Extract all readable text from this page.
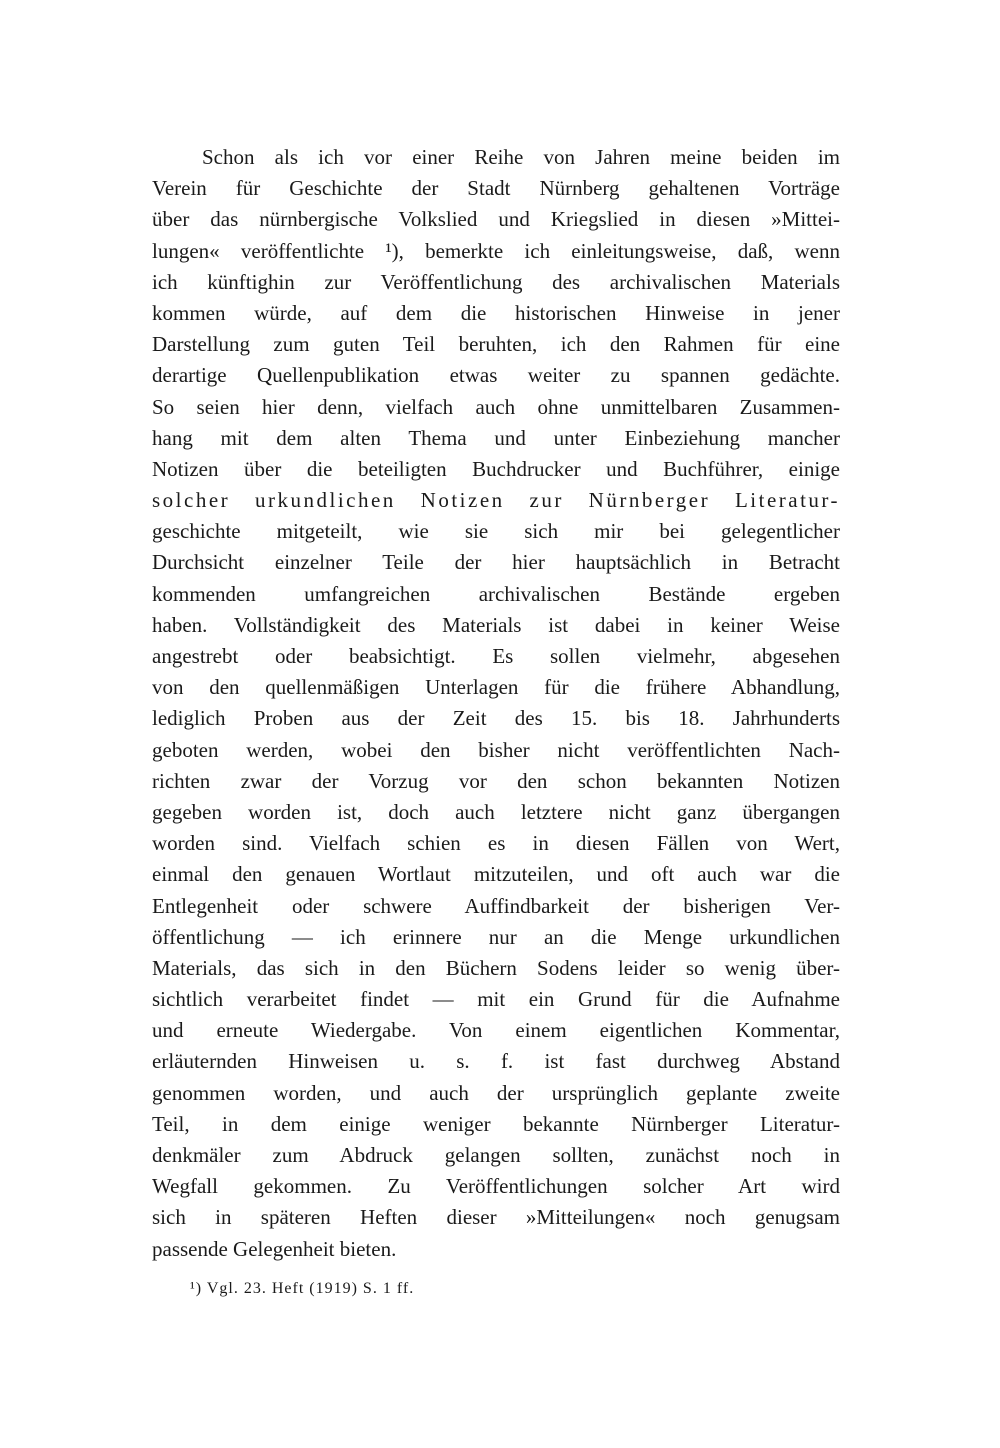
Schon als ich vor einer Reihe von Jahren meine beiden im
Verein für Geschichte der Stadt Nürnberg gehaltenen Vorträge
über das nürnbergische Volkslied und Kriegslied in diesen »Mittei-
lungen« veröffentlichte ¹), bemerkte ich einleitungsweise, daß, wenn
ich künftighin zur Veröffentlichung des archivalischen Materials
kommen würde, auf dem die historischen Hinweise in jener
Darstellung zum guten Teil beruhten, ich den Rahmen für eine
derartige Quellenpublikation etwas weiter zu spannen gedächte.
So seien hier denn, vielfach auch ohne unmittelbaren Zusammen-
hang mit dem alten Thema und unter Einbeziehung mancher
Notizen über die beteiligten Buchdrucker und Buchführer, einige
solcher urkundlichen Notizen zur Nürnberger Literatur-
geschichte mitgeteilt, wie sie sich mir bei gelegentlicher
Durchsicht einzelner Teile der hier hauptsächlich in Betracht
kommenden umfangreichen archivalischen Bestände ergeben
haben. Vollständigkeit des Materials ist dabei in keiner Weise
angestrebt oder beabsichtigt. Es sollen vielmehr, abgesehen
von den quellenmäßigen Unterlagen für die frühere Abhandlung,
lediglich Proben aus der Zeit des 15. bis 18. Jahrhunderts
geboten werden, wobei den bisher nicht veröffentlichten Nach-
richten zwar der Vorzug vor den schon bekannten Notizen
gegeben worden ist, doch auch letztere nicht ganz übergangen
worden sind. Vielfach schien es in diesen Fällen von Wert,
einmal den genauen Wortlaut mitzuteilen, und oft auch war die
Entlegenheit oder schwere Auffindbarkeit der bisherigen Ver-
öffentlichung — ich erinnere nur an die Menge urkundlichen
Materials, das sich in den Büchern Sodens leider so wenig über-
sichtlich verarbeitet findet — mit ein Grund für die Aufnahme
und erneute Wiedergabe. Von einem eigentlichen Kommentar,
erläuternden Hinweisen u. s. f. ist fast durchweg Abstand
genommen worden, und auch der ursprünglich geplante zweite
Teil, in dem einige weniger bekannte Nürnberger Literatur-
denkmäler zum Abdruck gelangen sollten, zunächst noch in
Wegfall gekommen. Zu Veröffentlichungen solcher Art wird
sich in späteren Heften dieser »Mitteilungen« noch genugsam
passende Gelegenheit bieten.
¹) Vgl. 23. Heft (1919) S. 1 ff.
